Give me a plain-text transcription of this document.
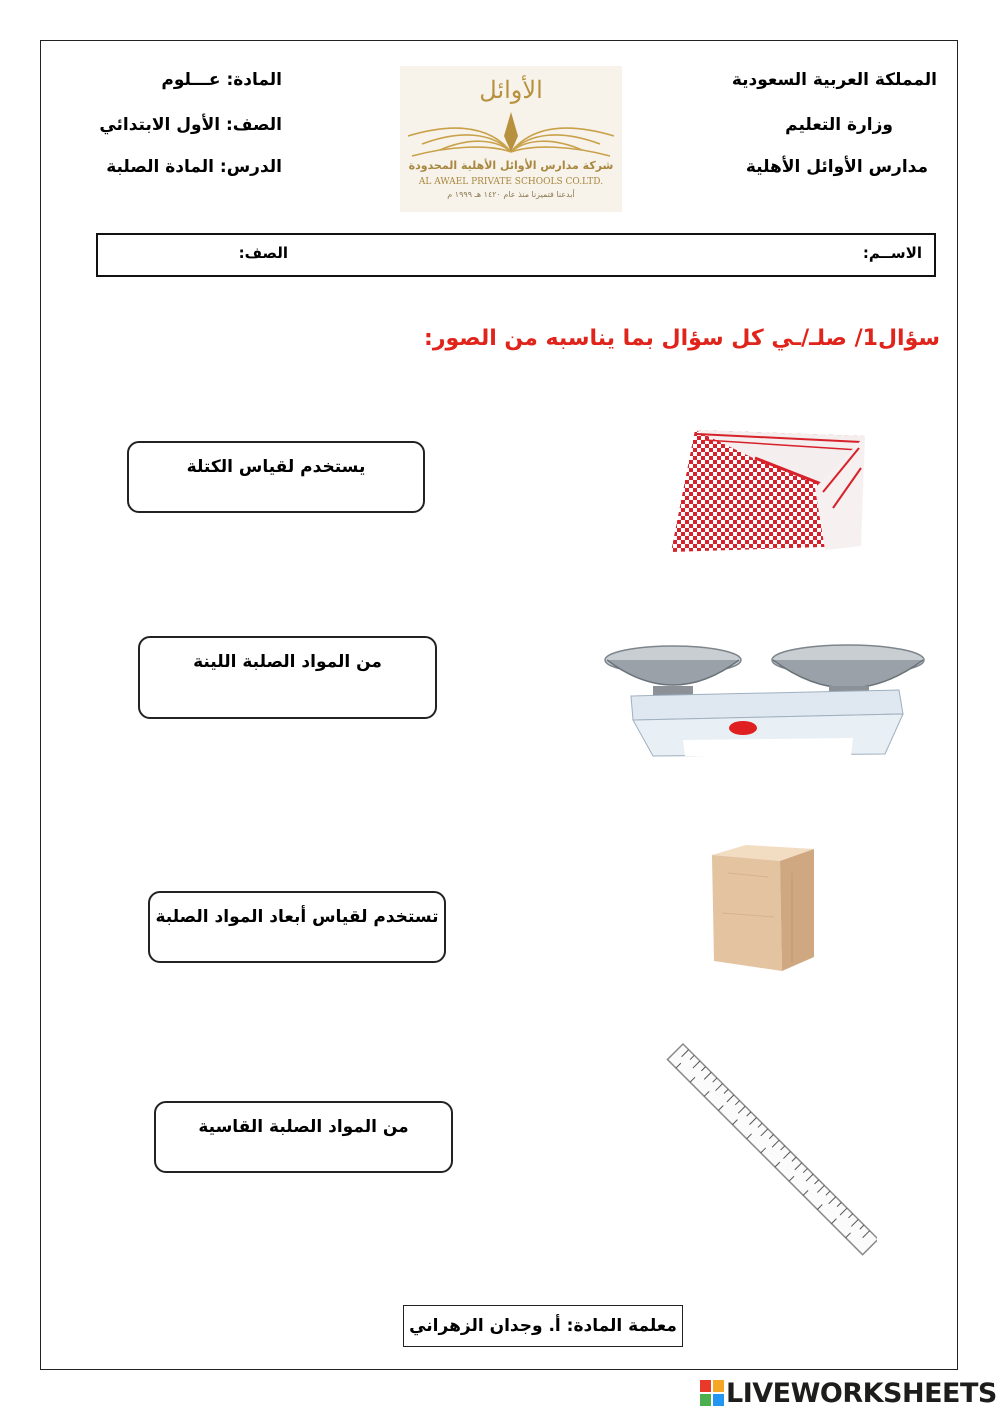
المملكة العربية السعودية
وزارة التعليم
مدارس الأوائل الأهلية
المادة: عـــلوم
الصف: الأول الابتدائي
الدرس: المادة الصلبة
الأوائل
شركة مدارس الأوائل الأهلية المحدودة
AL AWAEL PRIVATE SCHOOLS CO.LTD.
أبدعنا فتميزنا منذ عام ١٤٢٠ هـ ١٩٩٩ م
الاســم:
الصف:
سؤال1/ صلـ/ـي كل سؤال بما يناسبه من الصور:
يستخدم لقياس الكتلة
من المواد الصلبة اللينة
تستخدم لقياس أبعاد المواد الصلبة
من المواد الصلبة القاسية
معلمة المادة: أ. وجدان الزهراني
LIVEWORKSHEETS
